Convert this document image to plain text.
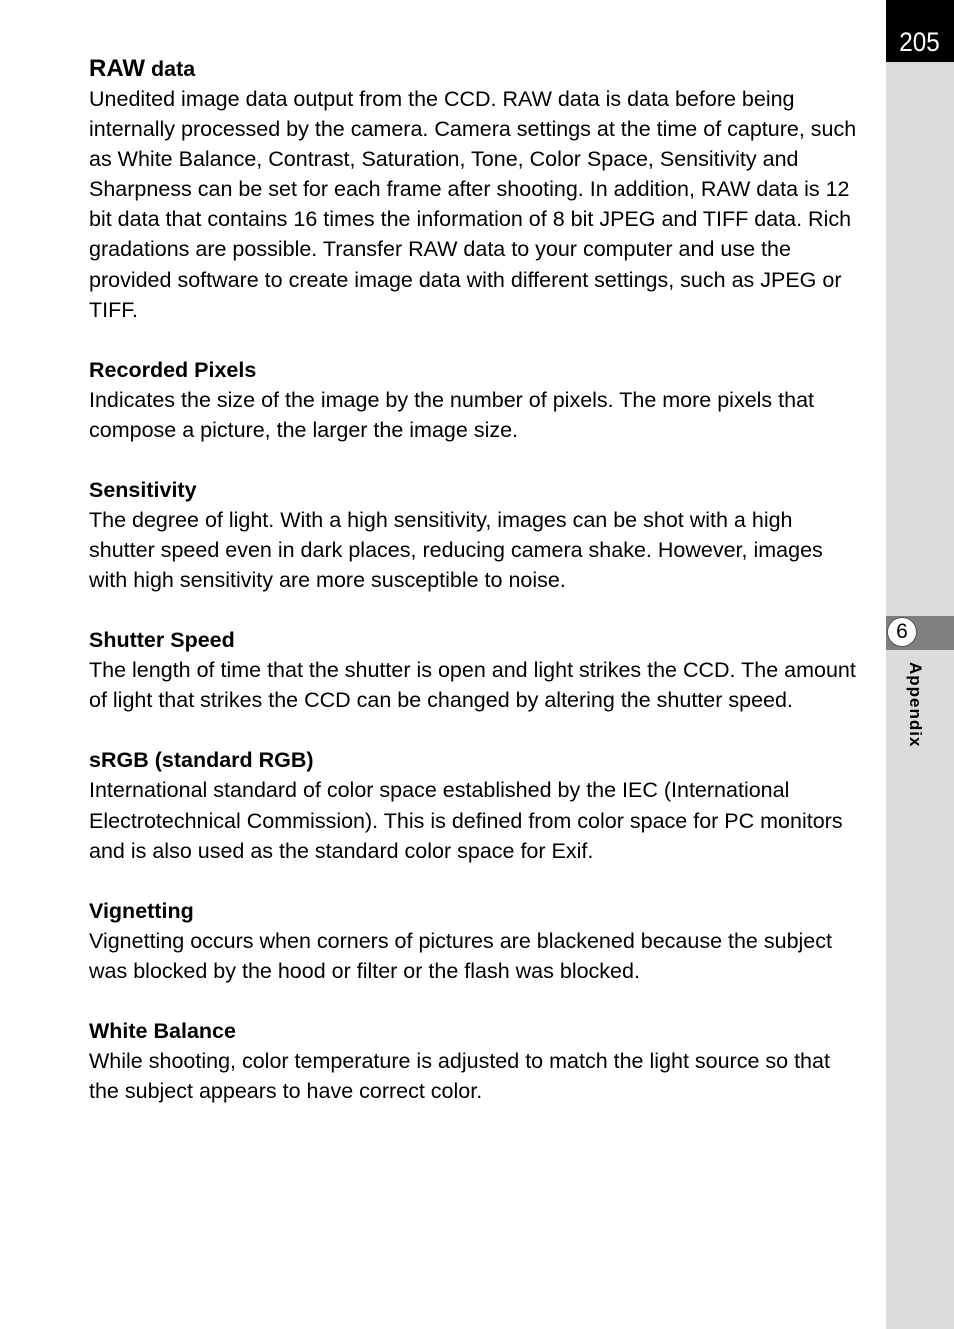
205
6
Appendix

RAW data

Unedited image data output from the CCD. RAW data is data before being internally processed by the camera. Camera settings at the time of capture, such as White Balance, Contrast, Saturation, Tone, Color Space, Sensitivity and Sharpness can be set for each frame after shooting. In addition, RAW data is 12 bit data that contains 16 times the information of 8 bit JPEG and TIFF data. Rich gradations are possible. Transfer RAW data to your computer and use the provided software to create image data with different settings, such as JPEG or TIFF.

Recorded Pixels

Indicates the size of the image by the number of pixels. The more pixels that compose a picture, the larger the image size.

Sensitivity

The degree of light. With a high sensitivity, images can be shot with a high shutter speed even in dark places, reducing camera shake. However, images with high sensitivity are more susceptible to noise.

Shutter Speed

The length of time that the shutter is open and light strikes the CCD. The amount of light that strikes the CCD can be changed by altering the shutter speed.

sRGB (standard RGB)

International standard of color space established by the IEC (International Electrotechnical Commission). This is defined from color space for PC monitors and is also used as the standard color space for Exif.

Vignetting

Vignetting occurs when corners of pictures are blackened because the subject was blocked by the hood or filter or the flash was blocked.

White Balance

While shooting, color temperature is adjusted to match the light source so that the subject appears to have correct color.
